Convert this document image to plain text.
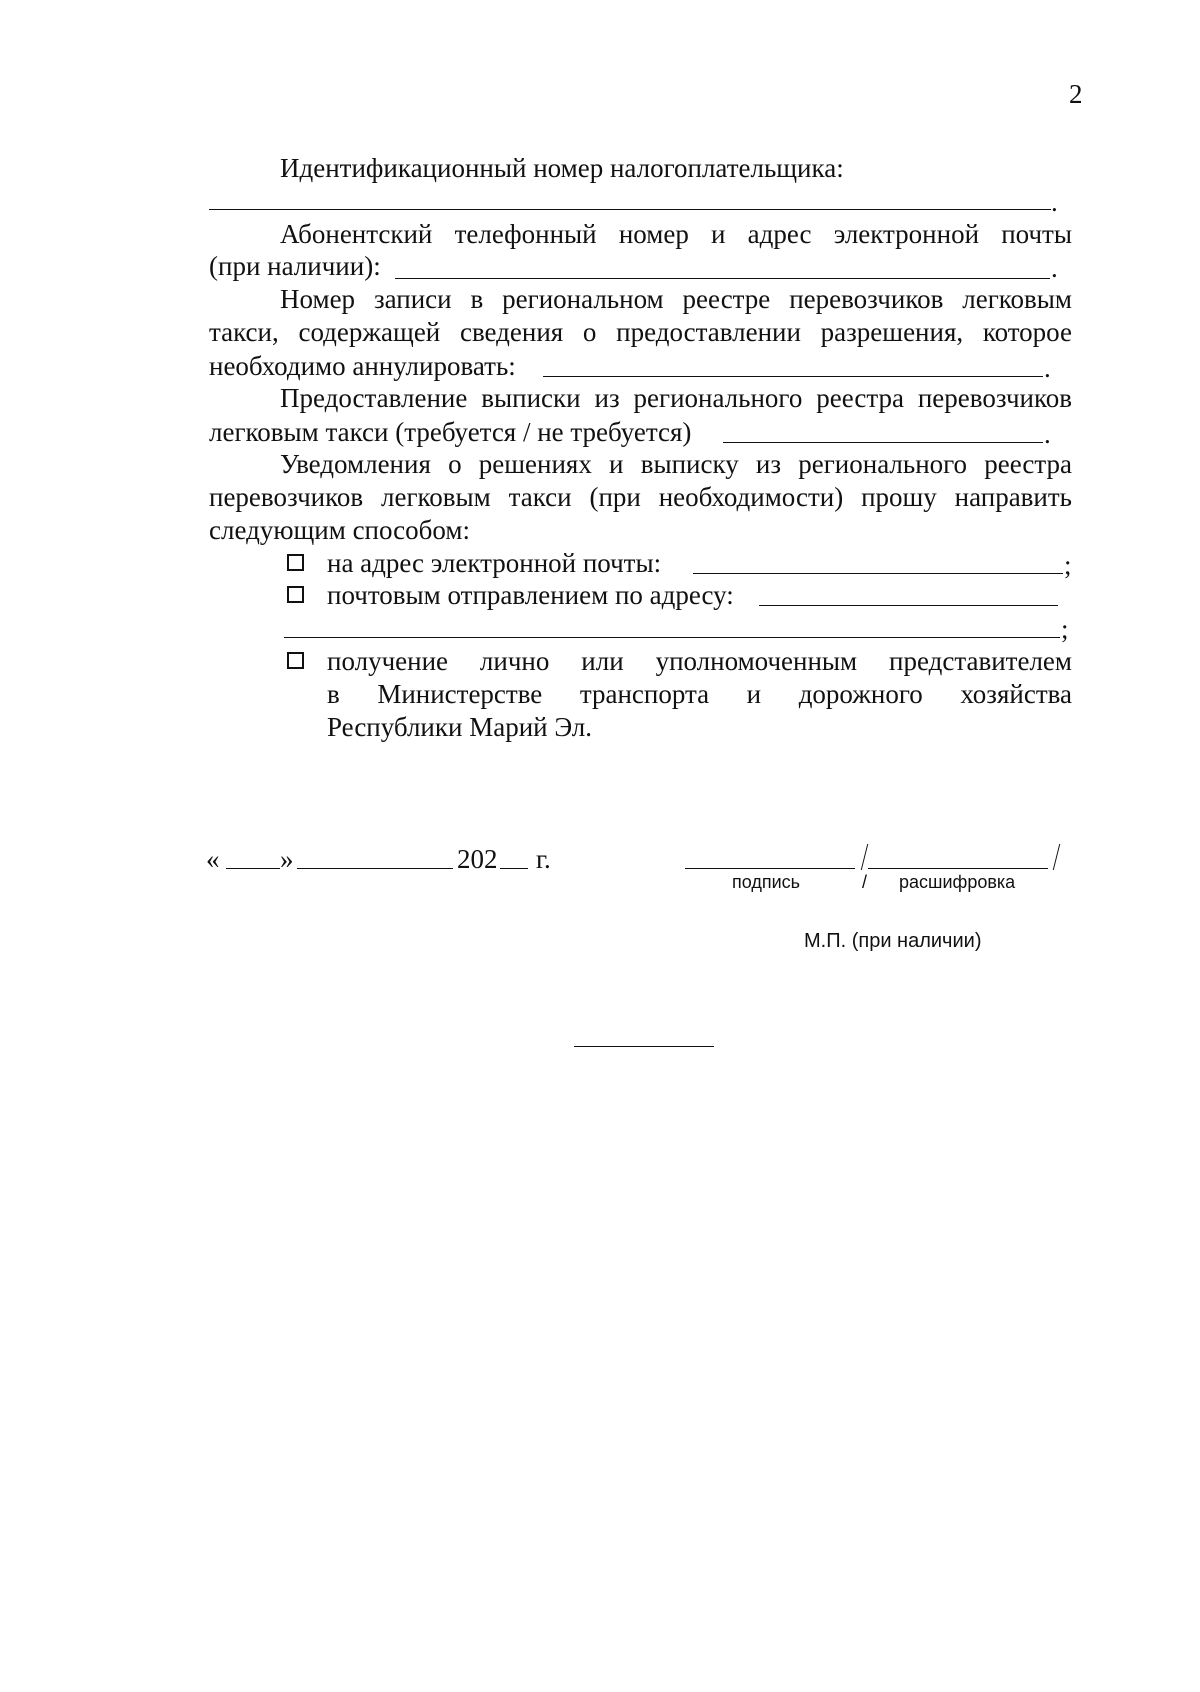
2
Идентификационный номер налогоплательщика:
.
Абонентский телефонный номер и адрес электронной почты
(при наличии):	.
Номер записи в региональном реестре перевозчиков легковым
такси, содержащей сведения о предоставлении разрешения, которое
необходимо аннулировать:	.
Предоставление выписки из регионального реестра перевозчиков
легковым такси (требуется / не требуется)	.
Уведомления о решениях и выписку из регионального реестра
перевозчиков легковым такси (при необходимости) прошу направить
следующим способом:
на адрес электронной почты:	;
почтовым отправлением по адресу:
;
получение лично или уполномоченным представителем
в Министерстве транспорта и дорожного хозяйства
Республики Марий Эл.
« »	202 г.
подпись	/ расшифровка
М.П. (при наличии)
